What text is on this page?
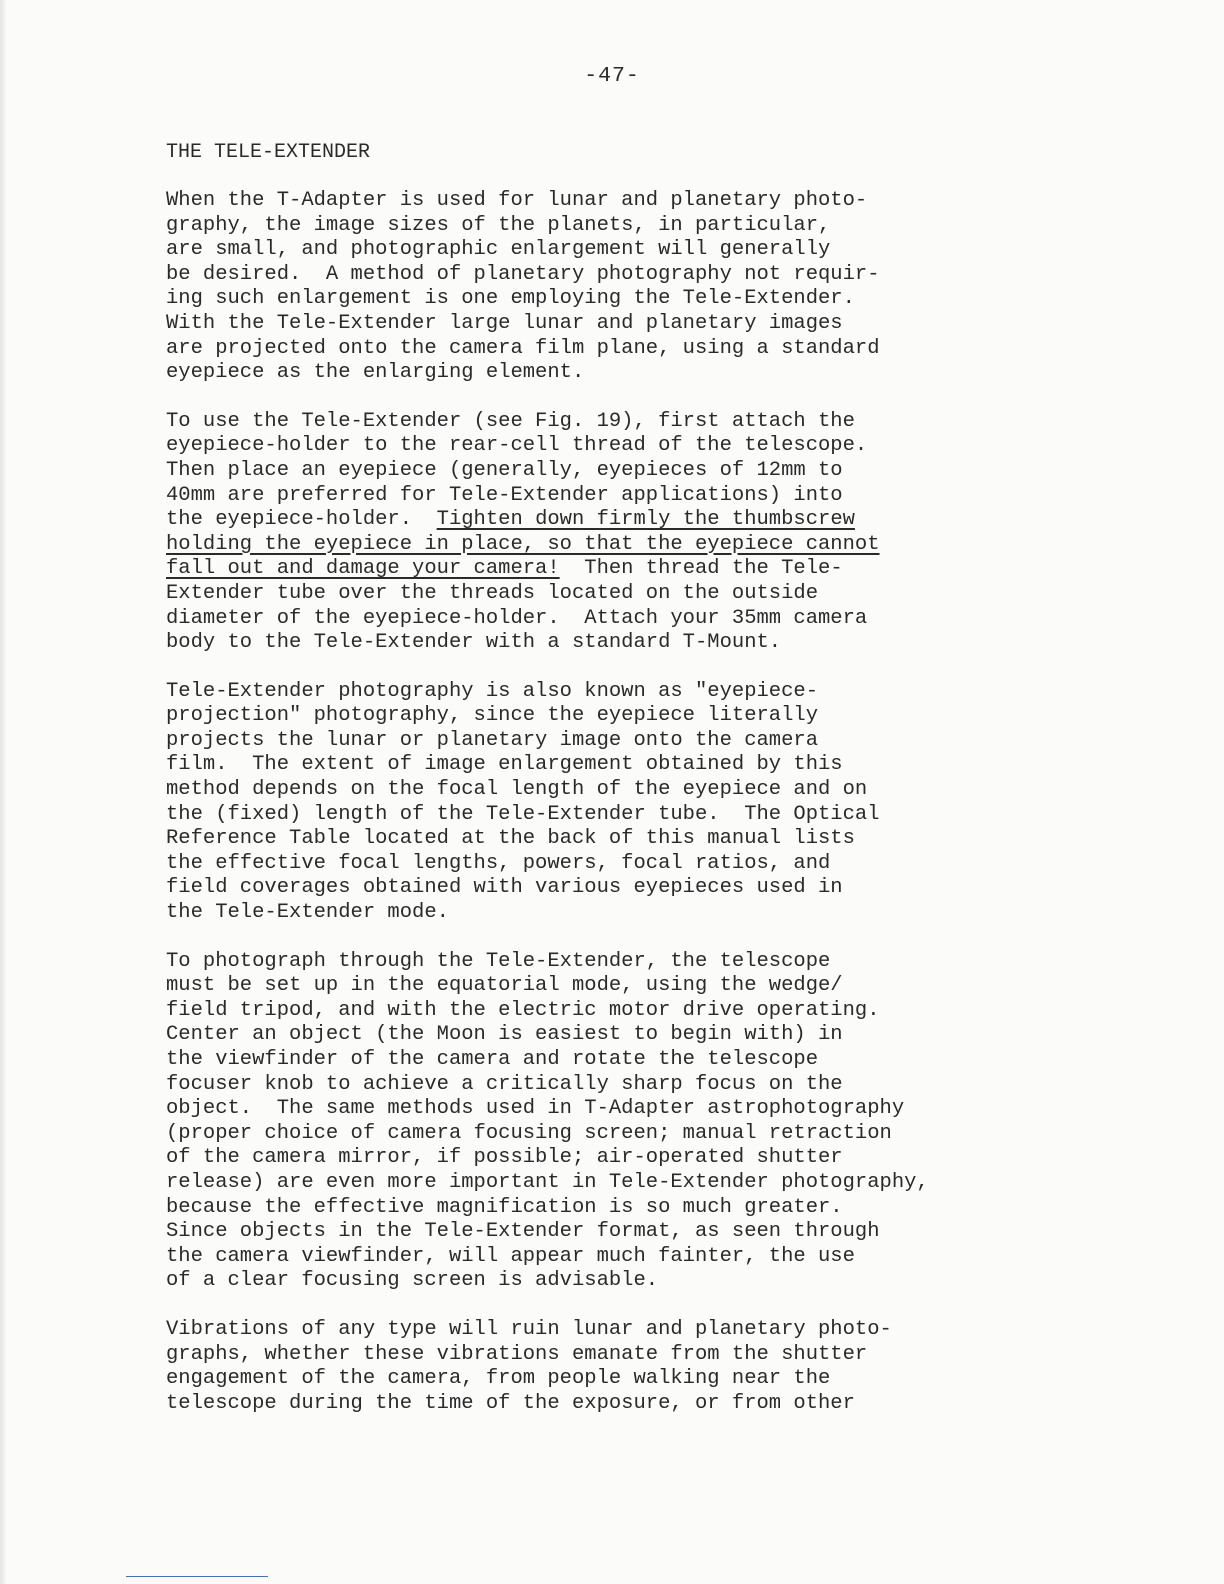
-47-
THE TELE-EXTENDER
When the T-Adapter is used for lunar and planetary photo-
graphy, the image sizes of the planets, in particular,
are small, and photographic enlargement will generally
be desired.  A method of planetary photography not requir-
ing such enlargement is one employing the Tele-Extender.
With the Tele-Extender large lunar and planetary images
are projected onto the camera film plane, using a standard
eyepiece as the enlarging element.
To use the Tele-Extender (see Fig. 19), first attach the
eyepiece-holder to the rear-cell thread of the telescope.
Then place an eyepiece (generally, eyepieces of 12mm to
40mm are preferred for Tele-Extender applications) into
the eyepiece-holder.  Tighten down firmly the thumbscrew
holding the eyepiece in place, so that the eyepiece cannot
fall out and damage your camera!  Then thread the Tele-
Extender tube over the threads located on the outside
diameter of the eyepiece-holder.  Attach your 35mm camera
body to the Tele-Extender with a standard T-Mount.
Tele-Extender photography is also known as "eyepiece-
projection" photography, since the eyepiece literally
projects the lunar or planetary image onto the camera
film.  The extent of image enlargement obtained by this
method depends on the focal length of the eyepiece and on
the (fixed) length of the Tele-Extender tube.  The Optical
Reference Table located at the back of this manual lists
the effective focal lengths, powers, focal ratios, and
field coverages obtained with various eyepieces used in
the Tele-Extender mode.
To photograph through the Tele-Extender, the telescope
must be set up in the equatorial mode, using the wedge/
field tripod, and with the electric motor drive operating.
Center an object (the Moon is easiest to begin with) in
the viewfinder of the camera and rotate the telescope
focuser knob to achieve a critically sharp focus on the
object.  The same methods used in T-Adapter astrophotography
(proper choice of camera focusing screen; manual retraction
of the camera mirror, if possible; air-operated shutter
release) are even more important in Tele-Extender photography,
because the effective magnification is so much greater.
Since objects in the Tele-Extender format, as seen through
the camera viewfinder, will appear much fainter, the use
of a clear focusing screen is advisable.
Vibrations of any type will ruin lunar and planetary photo-
graphs, whether these vibrations emanate from the shutter
engagement of the camera, from people walking near the
telescope during the time of the exposure, or from other
